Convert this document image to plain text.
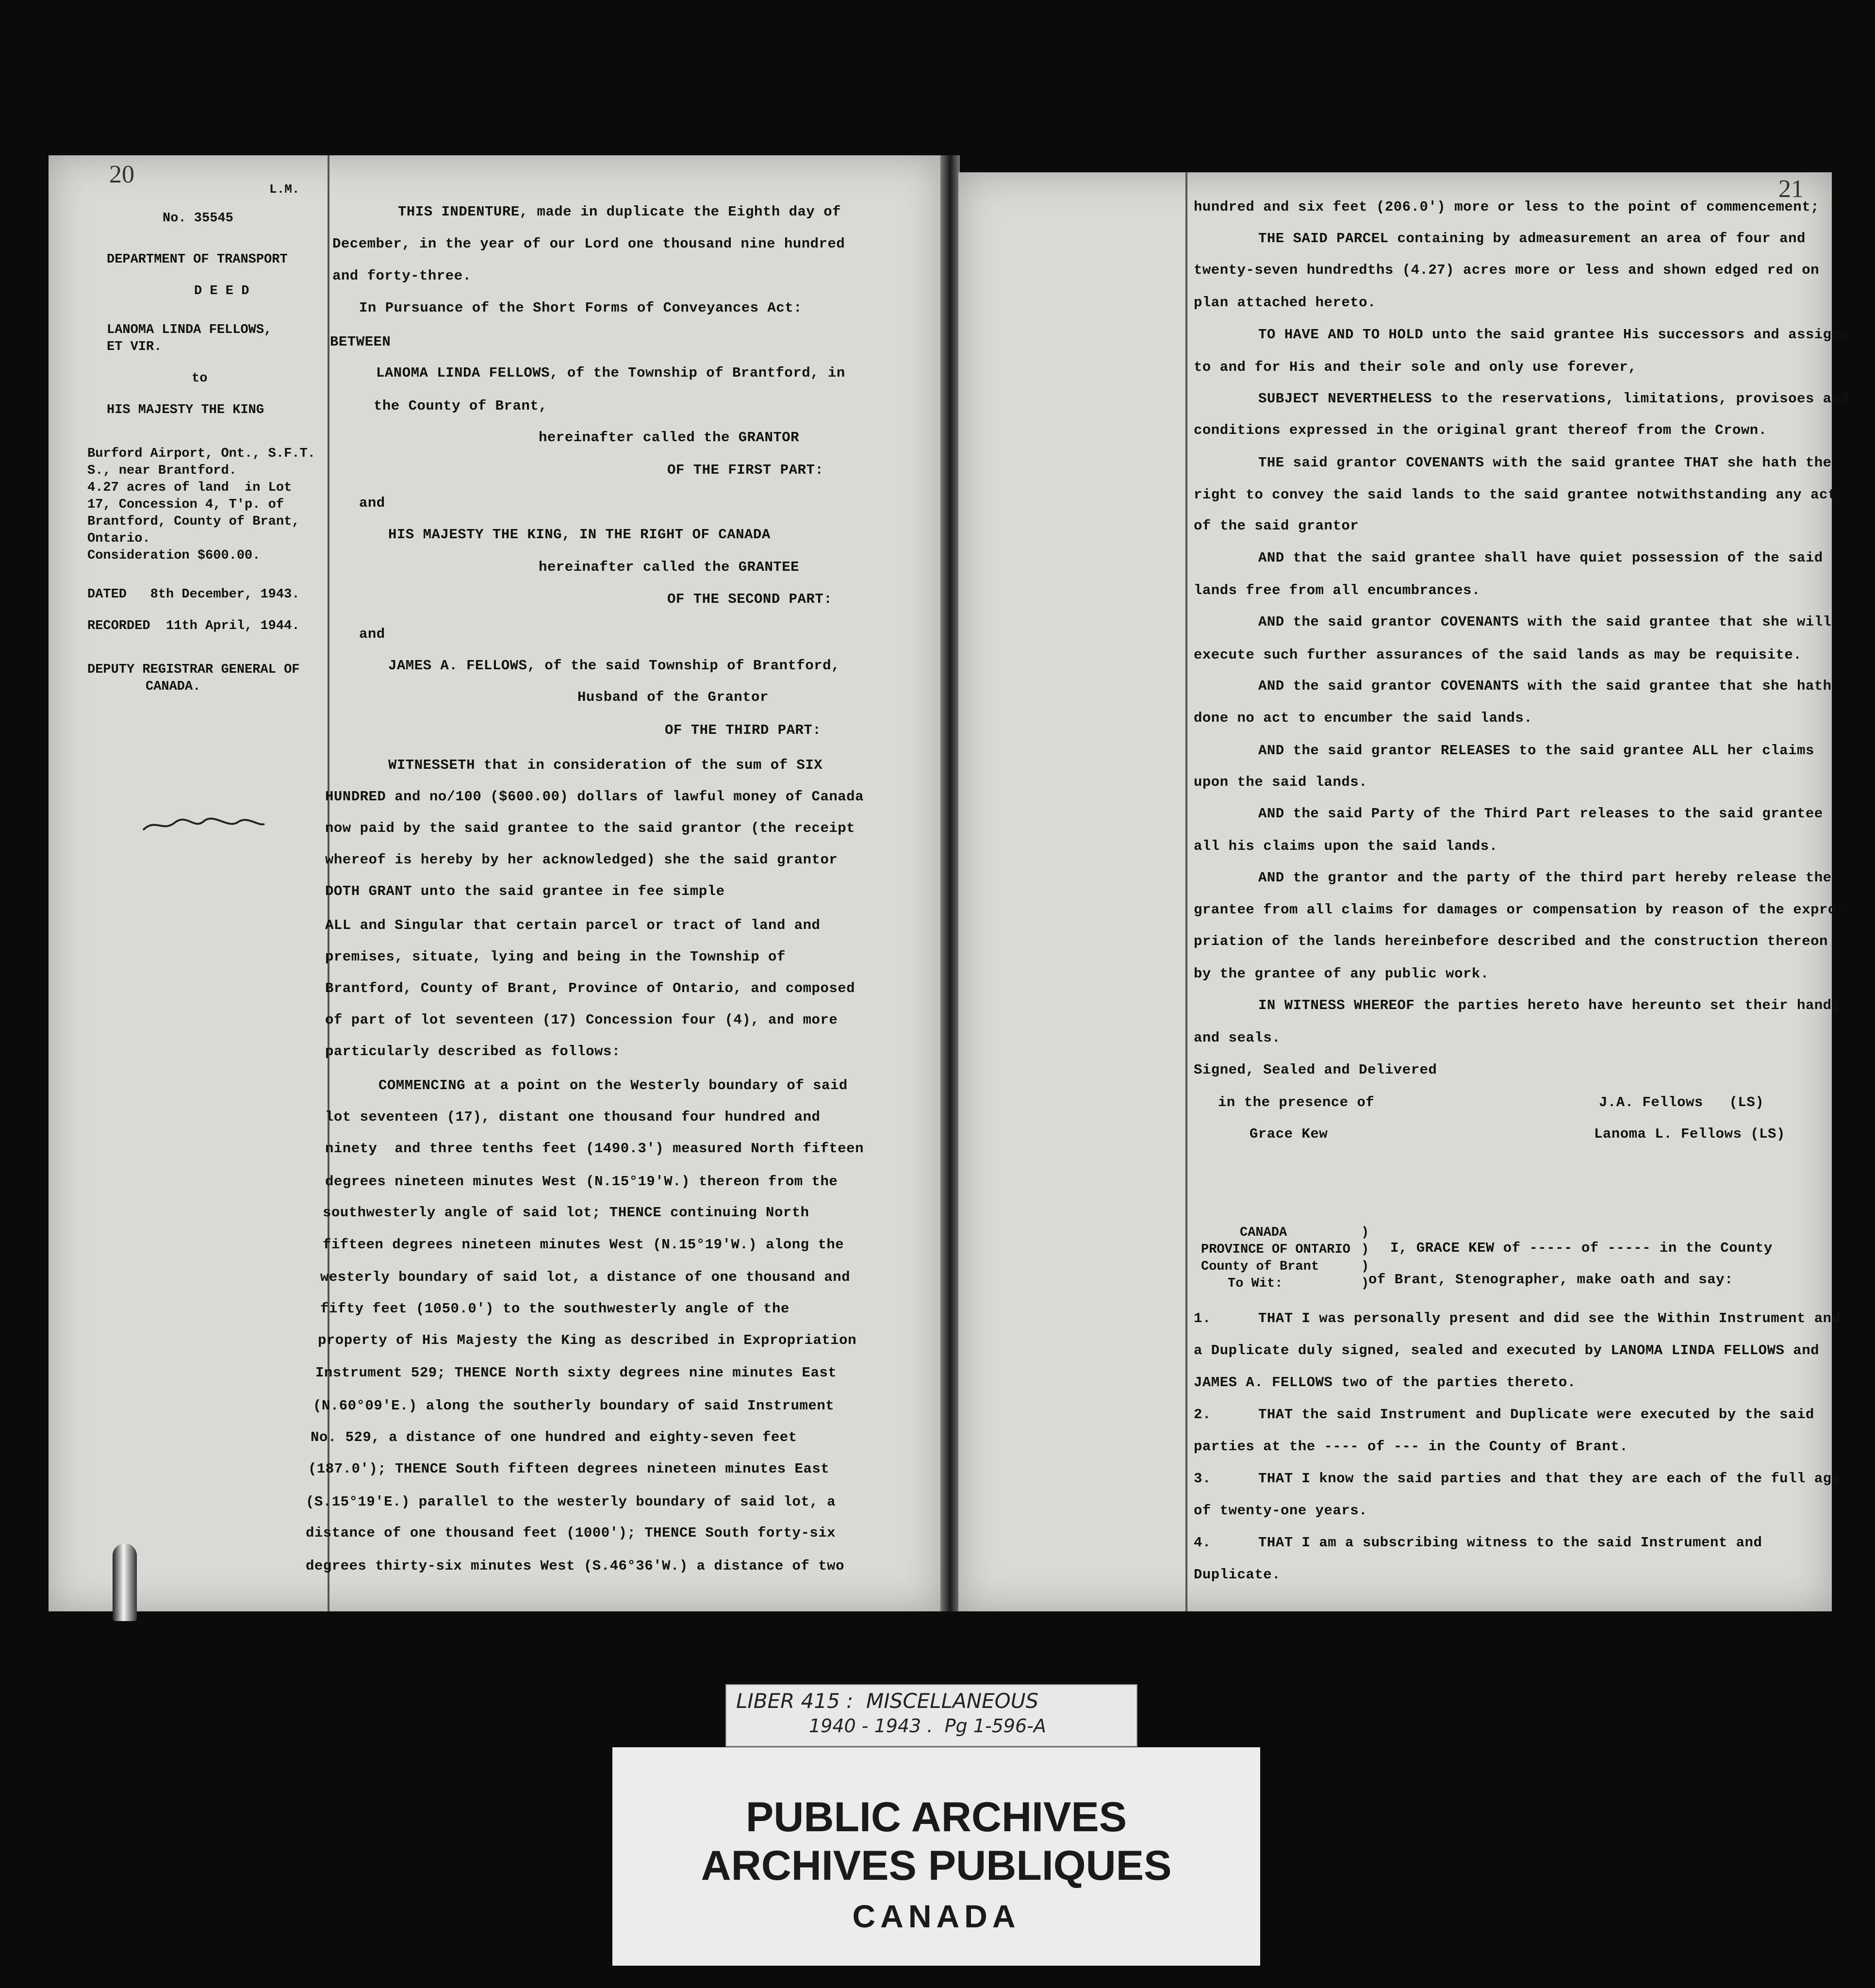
20
L.M.
No. 35545
DEPARTMENT OF TRANSPORT
D E E D
LANOMA LINDA FELLOWS,
ET VIR.
to
HIS MAJESTY THE KING
Burford Airport, Ont., S.F.T.
S., near Brantford.
4.27 acres of land  in Lot
17, Concession 4, T'p. of
Brantford, County of Brant,
Ontario.
Consideration $600.00.
DATED   8th December, 1943.
RECORDED  11th April, 1944.
DEPUTY REGISTRAR GENERAL OF
CANADA.
THIS INDENTURE, made in duplicate the Eighth day of
December, in the year of our Lord one thousand nine hundred
and forty-three.
In Pursuance of the Short Forms of Conveyances Act:
BETWEEN
LANOMA LINDA FELLOWS, of the Township of Brantford, in
the County of Brant,
hereinafter called the GRANTOR
OF THE FIRST PART:
and
HIS MAJESTY THE KING, IN THE RIGHT OF CANADA
hereinafter called the GRANTEE
OF THE SECOND PART:
and
JAMES A. FELLOWS, of the said Township of Brantford,
Husband of the Grantor
OF THE THIRD PART:
WITNESSETH that in consideration of the sum of SIX
HUNDRED and no/100 ($600.00) dollars of lawful money of Canada
now paid by the said grantee to the said grantor (the receipt
whereof is hereby by her acknowledged) she the said grantor
DOTH GRANT unto the said grantee in fee simple
ALL and Singular that certain parcel or tract of land and
premises, situate, lying and being in the Township of
Brantford, County of Brant, Province of Ontario, and composed
of part of lot seventeen (17) Concession four (4), and more
particularly described as follows:
COMMENCING at a point on the Westerly boundary of said
lot seventeen (17), distant one thousand four hundred and
ninety  and three tenths feet (1490.3') measured North fifteen
degrees nineteen minutes West (N.15°19'W.) thereon from the
southwesterly angle of said lot; THENCE continuing North
fifteen degrees nineteen minutes West (N.15°19'W.) along the
westerly boundary of said lot, a distance of one thousand and
fifty feet (1050.0') to the southwesterly angle of the
property of His Majesty the King as described in Expropriation
Instrument 529; THENCE North sixty degrees nine minutes East
(N.60°09'E.) along the southerly boundary of said Instrument
No. 529, a distance of one hundred and eighty-seven feet
(187.0'); THENCE South fifteen degrees nineteen minutes East
(S.15°19'E.) parallel to the westerly boundary of said lot, a
distance of one thousand feet (1000'); THENCE South forty-six
degrees thirty-six minutes West (S.46°36'W.) a distance of two
21
hundred and six feet (206.0') more or less to the point of commencement;
THE SAID PARCEL containing by admeasurement an area of four and
twenty-seven hundredths (4.27) acres more or less and shown edged red on
plan attached hereto.
TO HAVE AND TO HOLD unto the said grantee His successors and assigns
to and for His and their sole and only use forever,
SUBJECT NEVERTHELESS to the reservations, limitations, provisoes and
conditions expressed in the original grant thereof from the Crown.
THE said grantor COVENANTS with the said grantee THAT she hath the
right to convey the said lands to the said grantee notwithstanding any act
of the said grantor
AND that the said grantee shall have quiet possession of the said
lands free from all encumbrances.
AND the said grantor COVENANTS with the said grantee that she will
execute such further assurances of the said lands as may be requisite.
AND the said grantor COVENANTS with the said grantee that she hath
done no act to encumber the said lands.
AND the said grantor RELEASES to the said grantee ALL her claims
upon the said lands.
AND the said Party of the Third Part releases to the said grantee
all his claims upon the said lands.
AND the grantor and the party of the third part hereby release the
grantee from all claims for damages or compensation by reason of the expro-
priation of the lands hereinbefore described and the construction thereon
by the grantee of any public work.
IN WITNESS WHEREOF the parties hereto have hereunto set their hands
and seals.
Signed, Sealed and Delivered
in the presence of	J.A. Fellows   (LS)
Grace Kew	Lanoma L. Fellows (LS)
CANADA
PROVINCE OF ONTARIO
County of Brant
To Wit:
)
)
)
)
I, GRACE KEW of ----- of ----- in the County
of Brant, Stenographer, make oath and say:
1.	THAT I was personally present and did see the Within Instrument and
a Duplicate duly signed, sealed and executed by LANOMA LINDA FELLOWS and
JAMES A. FELLOWS two of the parties thereto.
2.	THAT the said Instrument and Duplicate were executed by the said
parties at the ---- of --- in the County of Brant.
3.	THAT I know the said parties and that they are each of the full age
of twenty-one years.
4.	THAT I am a subscribing witness to the said Instrument and
Duplicate.
LIBER 415 :  MISCELLANEOUS
1940 - 1943 .  Pg 1-596-A
PUBLIC ARCHIVES
ARCHIVES PUBLIQUES
CANADA
